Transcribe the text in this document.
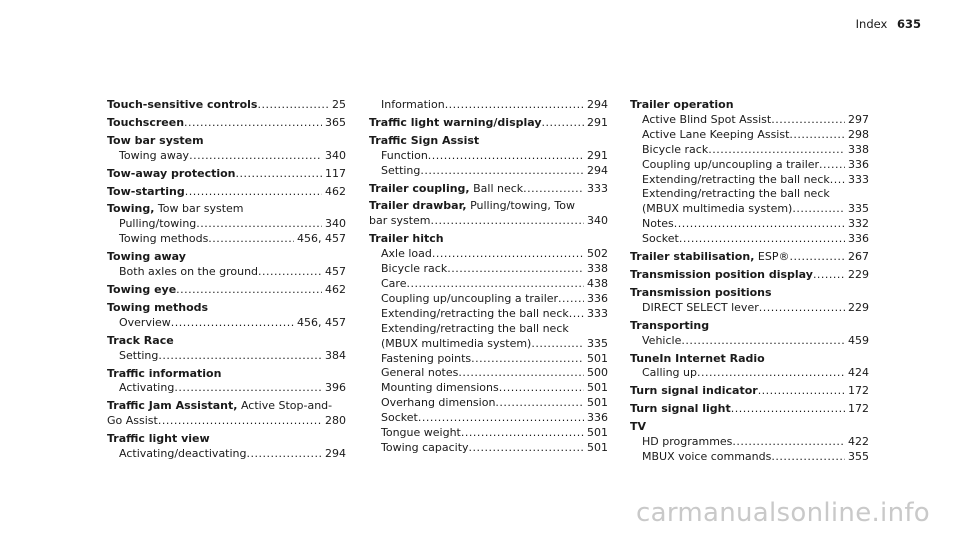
Index 635
Touch-sensitive controls .....	25
Touchscreen .....	365
Tow bar system
Towing away .....	340
Tow-away protection .....	117
Tow-starting .....	462
Towing, Tow bar system
Pulling/towing .....	340
Towing methods .....	456, 457
Towing away
Both axles on the ground .....	457
Towing eye .....	462
Towing methods
Overview .....	456, 457
Track Race
Setting .....	384
Traffic information
Activating .....	396
Traffic Jam Assistant, Active Stop-and-
Go Assist .....	280
Traffic light view
Activating/deactivating .....	294
Information .....	294
Traffic light warning/display .....	291
Traffic Sign Assist
Function .....	291
Setting .....	294
Trailer coupling, Ball neck .....	333
Trailer drawbar, Pulling/towing, Tow
bar system .....	340
Trailer hitch
Axle load .....	502
Bicycle rack .....	338
Care .....	438
Coupling up/uncoupling a trailer .....	336
Extending/retracting the ball neck ..... 333
Extending/retracting the ball neck
(MBUX multimedia system) .....	335
Fastening points .....	501
General notes .....	500
Mounting dimensions .....	501
Overhang dimension .....	501
Socket .....	336
Tongue weight .....	501
Towing capacity .....	501
Trailer operation
Active Blind Spot Assist .....	297
Active Lane Keeping Assist .....	298
Bicycle rack .....	338
Coupling up/uncoupling a trailer .....	336
Extending/retracting the ball neck ..... 333
Extending/retracting the ball neck
(MBUX multimedia system) .....	335
Notes .....	332
Socket .....	336
Trailer stabilisation, ESP® .....	267
Transmission position display .....	229
Transmission positions
DIRECT SELECT lever .....	229
Transporting
Vehicle .....	459
TuneIn Internet Radio
Calling up .....	424
Turn signal indicator .....	172
Turn signal light .....	172
TV
HD programmes .....	422
MBUX voice commands .....	355
carmanualsonline.info
